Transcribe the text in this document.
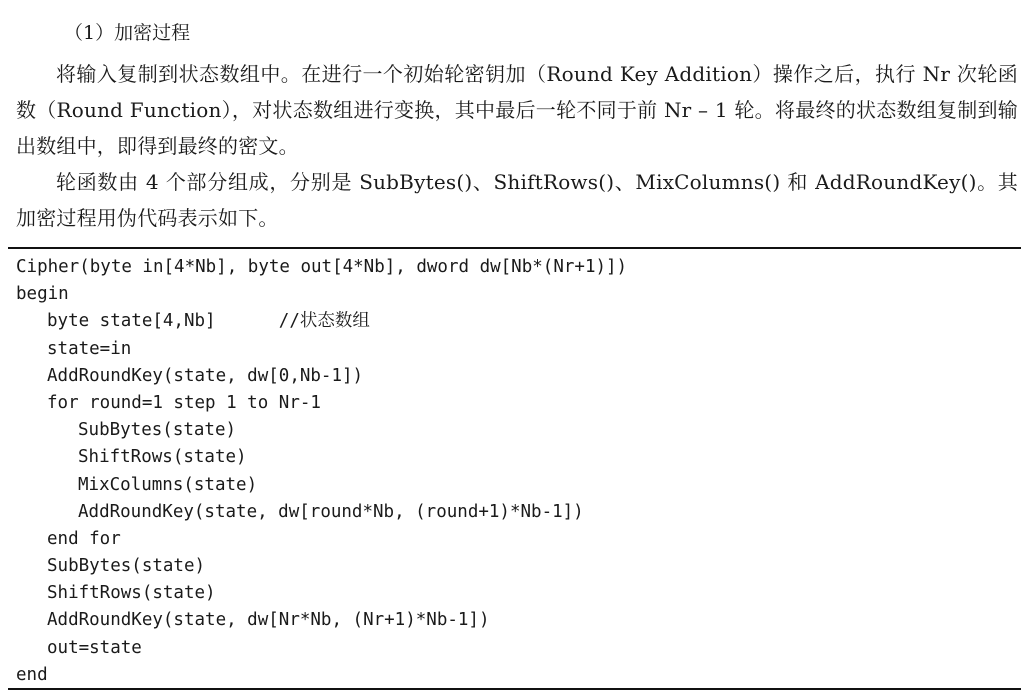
（1）加密过程

将输入复制到状态数组中。在进行一个初始轮密钥加（Round Key Addition）操作之后，执行 Nr 次轮函数（Round Function），对状态数组进行变换，其中最后一轮不同于前 Nr – 1 轮。将最终的状态数组复制到输出数组中，即得到最终的密文。

轮函数由 4 个部分组成，分别是 SubBytes()、ShiftRows()、MixColumns() 和 AddRoundKey()。其加密过程用伪代码表示如下。

Cipher(byte in[4*Nb], byte out[4*Nb], dword dw[Nb*(Nr+1)])
begin
byte state[4,Nb]      //状态数组
state=in
AddRoundKey(state, dw[0,Nb-1])
for round=1 step 1 to Nr-1
SubBytes(state)
ShiftRows(state)
MixColumns(state)
AddRoundKey(state, dw[round*Nb, (round+1)*Nb-1])
end for
SubBytes(state)
ShiftRows(state)
AddRoundKey(state, dw[Nr*Nb, (Nr+1)*Nb-1])
out=state
end
